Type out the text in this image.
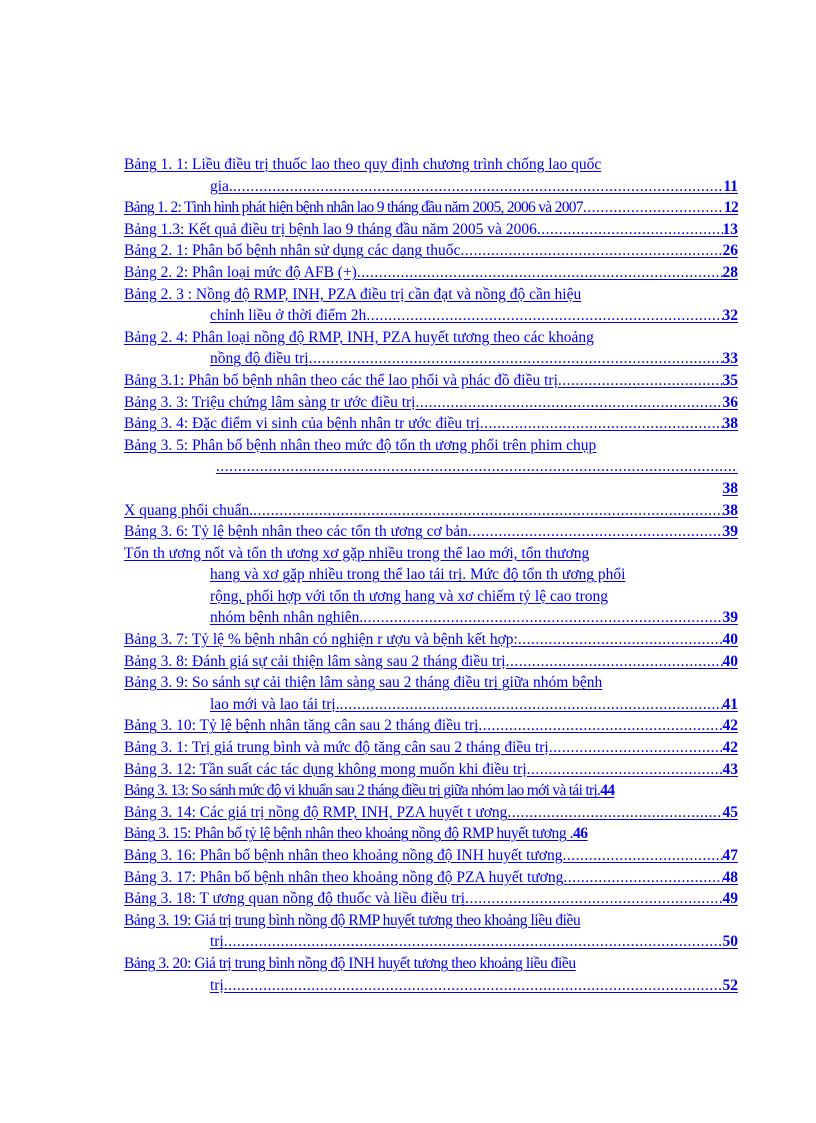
Bảng 1. 1: Liều điều trị thuốc lao theo quy định chương trình chống lao quốc
gia. .....	11
Bảng 1. 2: Tình hình phát hiện bệnh nhân lao 9 tháng đầu năm 2005, 2006 và 2007 .....	12
Bảng 1.3: Kết quả điều trị bệnh lao 9 tháng đầu năm 2005 và 2006 .....	13
Bảng 2. 1: Phân bố bệnh nhân sử dụng các dạng thuốc .....	26
Bảng 2. 2: Phân loại mức độ AFB (+) .....	28
Bảng 2. 3 : Nồng độ RMP, INH, PZA điều trị cần đạt và nồng độ cần hiệu
chỉnh liều ở thời điểm 2h .....	32
Bảng 2. 4: Phân loại nồng độ RMP, INH, PZA huyết tương theo các khoảng
nồng độ điều trị .....	33
Bảng 3.1: Phân bố bệnh nhân theo các thể lao phổi và phác đồ điều trị .....	35
Bảng 3. 3: Triệu chứng lâm sàng tr ước điều trị .....	36
Bảng 3. 4: Đặc điểm vi sinh của bệnh nhân tr ước điều trị .....	38
Bảng 3. 5: Phân bố bệnh nhân theo mức độ tổn th ương phổi trên phim chụp
.....
38
X quang phổi chuẩn. .....	38
Bảng 3. 6: Tỷ lệ bệnh nhân theo các tổn th ương cơ bản .....	39
Tổn th ương nốt và tổn th ương xơ gặp nhiều trong thể lao mới, tổn thương
hang và xơ gặp nhiều trong thể lao tái trị. Mức độ tổn th ương phổi
rộng, phối hợp với tổn th ương hang và xơ chiếm tỷ lệ cao trong
nhóm bệnh nhân nghiên. .....	39
Bảng 3. 7: Tỷ lệ % bệnh nhân có nghiện r ượu và bệnh kết hợp: .....	40
Bảng 3. 8: Đánh giá sự cải thiện lâm sàng sau 2 tháng điều trị .....	40
Bảng 3. 9: So sánh sự cải thiện lâm sàng sau 2 tháng điều trị giữa nhóm bệnh
lao mới và lao tái trị. .....	41
Bảng 3. 10: Tỷ lệ bệnh nhân tăng cân sau 2 tháng điều trị .....	42
Bảng 3. 1: Trị giá trung bình và mức độ tăng cân sau 2 tháng điều trị .....	42
Bảng 3. 12: Tần suất các tác dụng không mong muốn khi điều trị .....	43
Bảng 3. 13: So sánh mức độ vi khuẩn sau 2 tháng điều trị giữa nhóm lao mới và tái trị. 44
Bảng 3. 14: Các giá trị nồng độ RMP, INH, PZA huyết t ương .....	45
Bảng 3. 15: Phân bố tỷ lệ bệnh nhân theo khoảng nồng độ RMP huyết tương . 46
Bảng 3. 16: Phân bố bệnh nhân theo khoảng nồng độ INH huyết tương .....	47
Bảng 3. 17: Phân bố bệnh nhân theo khoảng nồng độ PZA huyết tương .....	48
Bảng 3. 18: T ương quan nồng độ thuốc và liều điều trị .....	49
Bảng 3. 19: Giá trị trung bình nồng độ RMP huyết tương theo khoảng liều điều
trị .....	50
Bảng 3. 20: Giá trị trung bình nồng độ INH huyết tương theo khoảng liều điều
trị .....	52
